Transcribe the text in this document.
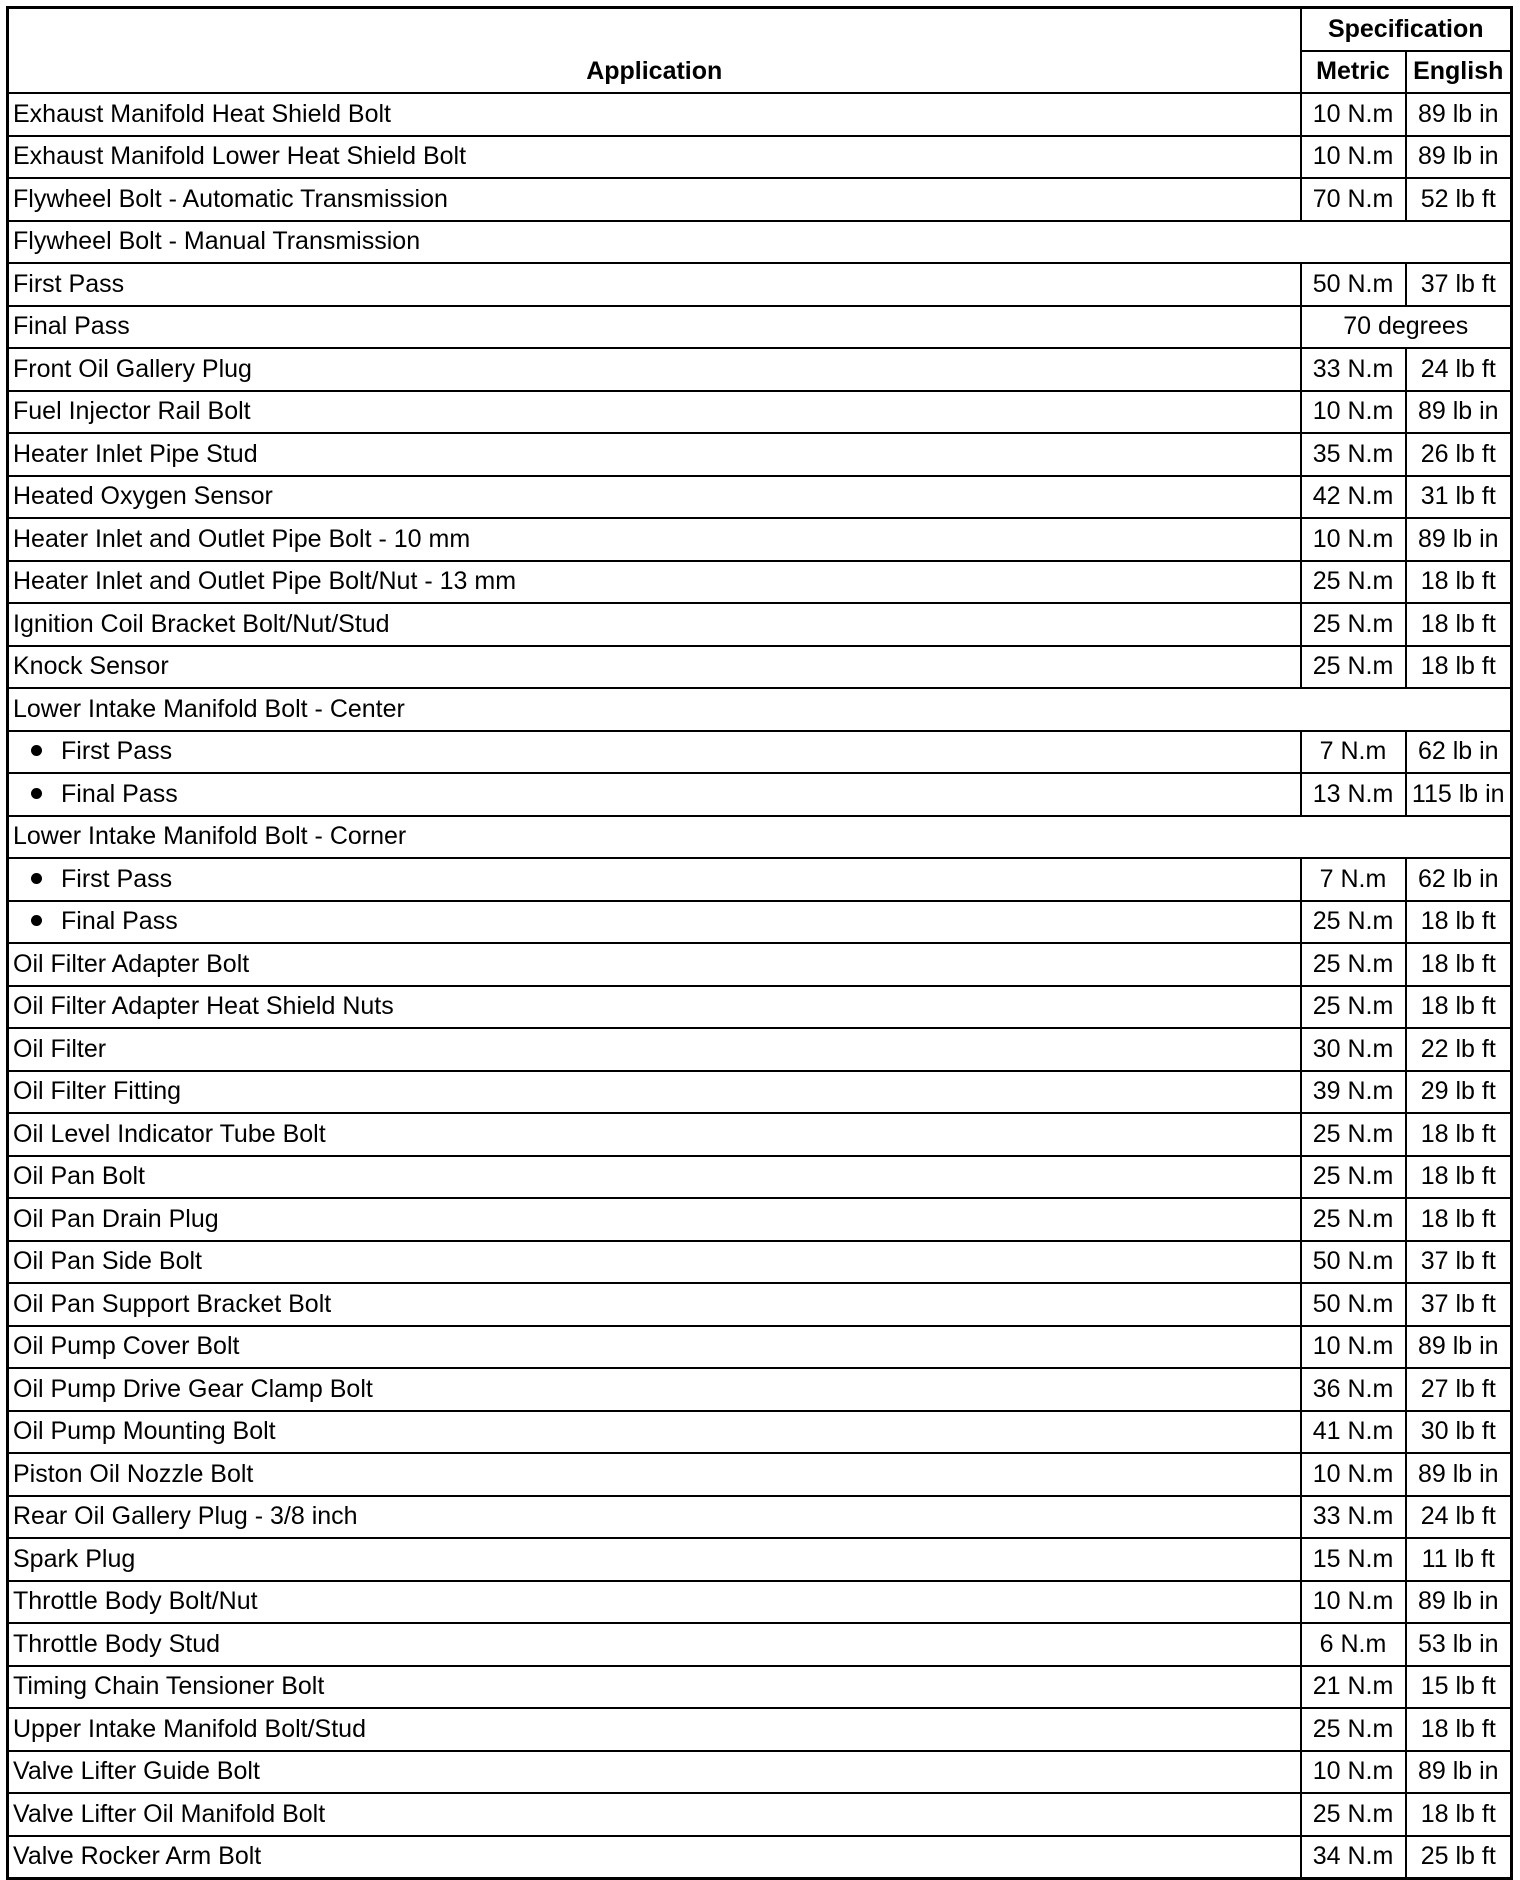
Application	Specification	
	Metric	English
Exhaust Manifold Heat Shield Bolt	10 N.m	89 lb in
Exhaust Manifold Lower Heat Shield Bolt	10 N.m	89 lb in
Flywheel Bolt - Automatic Transmission	70 N.m	52 lb ft
Flywheel Bolt - Manual Transmission		
First Pass	50 N.m	37 lb ft
Final Pass	70 degrees	
Front Oil Gallery Plug	33 N.m	24 lb ft
Fuel Injector Rail Bolt	10 N.m	89 lb in
Heater Inlet Pipe Stud	35 N.m	26 lb ft
Heated Oxygen Sensor	42 N.m	31 lb ft
Heater Inlet and Outlet Pipe Bolt - 10 mm	10 N.m	89 lb in
Heater Inlet and Outlet Pipe Bolt/Nut - 13 mm	25 N.m	18 lb ft
Ignition Coil Bracket Bolt/Nut/Stud	25 N.m	18 lb ft
Knock Sensor	25 N.m	18 lb ft
Lower Intake Manifold Bolt - Center		
First Pass	7 N.m	62 lb in
Final Pass	13 N.m	115 lb in
Lower Intake Manifold Bolt - Corner		
First Pass	7 N.m	62 lb in
Final Pass	25 N.m	18 lb ft
Oil Filter Adapter Bolt	25 N.m	18 lb ft
Oil Filter Adapter Heat Shield Nuts	25 N.m	18 lb ft
Oil Filter	30 N.m	22 lb ft
Oil Filter Fitting	39 N.m	29 lb ft
Oil Level Indicator Tube Bolt	25 N.m	18 lb ft
Oil Pan Bolt	25 N.m	18 lb ft
Oil Pan Drain Plug	25 N.m	18 lb ft
Oil Pan Side Bolt	50 N.m	37 lb ft
Oil Pan Support Bracket Bolt	50 N.m	37 lb ft
Oil Pump Cover Bolt	10 N.m	89 lb in
Oil Pump Drive Gear Clamp Bolt	36 N.m	27 lb ft
Oil Pump Mounting Bolt	41 N.m	30 lb ft
Piston Oil Nozzle Bolt	10 N.m	89 lb in
Rear Oil Gallery Plug - 3/8 inch	33 N.m	24 lb ft
Spark Plug	15 N.m	11 lb ft
Throttle Body Bolt/Nut	10 N.m	89 lb in
Throttle Body Stud	6 N.m	53 lb in
Timing Chain Tensioner Bolt	21 N.m	15 lb ft
Upper Intake Manifold Bolt/Stud	25 N.m	18 lb ft
Valve Lifter Guide Bolt	10 N.m	89 lb in
Valve Lifter Oil Manifold Bolt	25 N.m	18 lb ft
Valve Rocker Arm Bolt	34 N.m	25 lb ft
